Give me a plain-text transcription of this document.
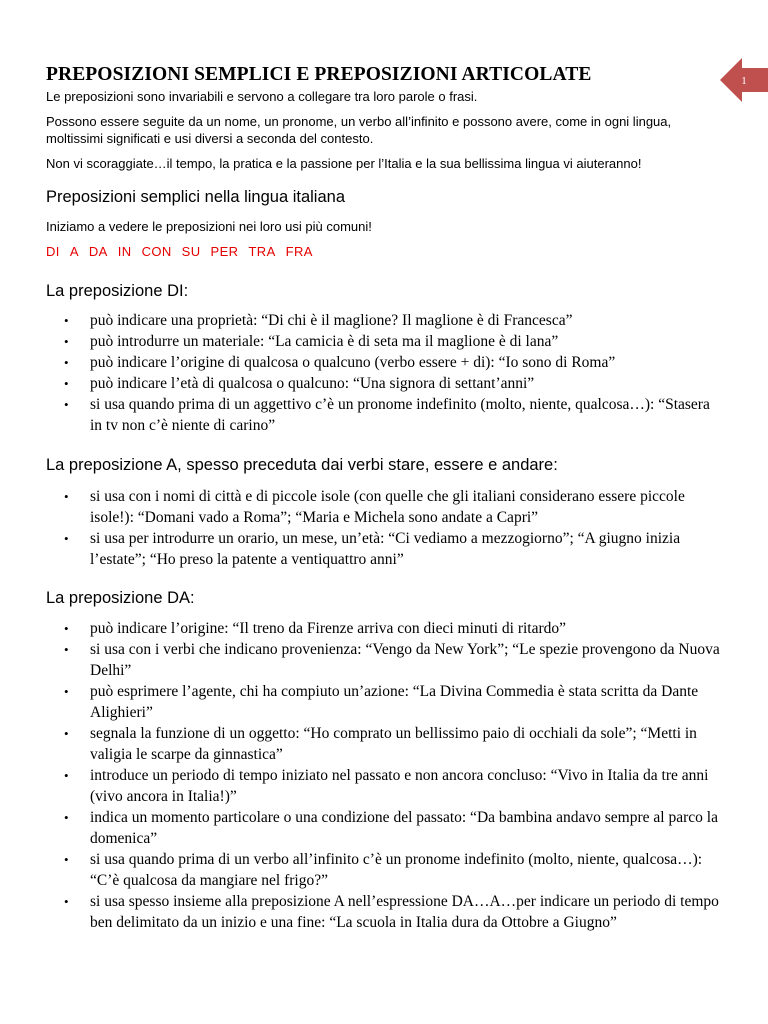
1
PREPOSIZIONI SEMPLICI E PREPOSIZIONI ARTICOLATE

Le preposizioni sono invariabili e servono a collegare tra loro parole o frasi.

Possono essere seguite da un nome, un pronome, un verbo all’infinito e possono avere, come in ogni lingua, moltissimi significati e usi diversi a seconda del contesto.

Non vi scoraggiate…il tempo, la pratica e la passione per l’Italia e la sua bellissima lingua vi aiuteranno!

Preposizioni semplici nella lingua italiana
Iniziamo a vedere le preposizioni nei loro usi più comuni!
DI A DA IN CON SU PER TRA FRA
La preposizione DI:
• può indicare una proprietà: “Di chi è il maglione? Il maglione è di Francesca”
• può introdurre un materiale: “La camicia è di seta ma il maglione è di lana”
• può indicare l’origine di qualcosa o qualcuno (verbo essere + di): “Io sono di Roma”
• può indicare l’età di qualcosa o qualcuno: “Una signora di settant’anni”
• si usa quando prima di un aggettivo c’è un pronome indefinito (molto, niente, qualcosa…): “Stasera in tv non c’è niente di carino”
La preposizione A, spesso preceduta dai verbi stare, essere e andare:
• si usa con i nomi di città e di piccole isole (con quelle che gli italiani considerano essere piccole isole!): “Domani vado a Roma”; “Maria e Michela sono andate a Capri”
• si usa per introdurre un orario, un mese, un’età: “Ci vediamo a mezzogiorno”; “A giugno inizia l’estate”; “Ho preso la patente a ventiquattro anni”
La preposizione DA:
• può indicare l’origine: “Il treno da Firenze arriva con dieci minuti di ritardo”
• si usa con i verbi che indicano provenienza: “Vengo da New York”; “Le spezie provengono da Nuova Delhi”
• può esprimere l’agente, chi ha compiuto un’azione: “La Divina Commedia è stata scritta da Dante Alighieri”
• segnala la funzione di un oggetto: “Ho comprato un bellissimo paio di occhiali da sole”; “Metti in valigia le scarpe da ginnastica”
• introduce un periodo di tempo iniziato nel passato e non ancora concluso: “Vivo in Italia da tre anni (vivo ancora in Italia!)”
• indica un momento particolare o una condizione del passato: “Da bambina andavo sempre al parco la domenica”
• si usa quando prima di un verbo all’infinito c’è un pronome indefinito (molto, niente, qualcosa…): “C’è qualcosa da mangiare nel frigo?”
• si usa spesso insieme alla preposizione A nell’espressione DA…A…per indicare un periodo di tempo ben delimitato da un inizio e una fine: “La scuola in Italia dura da Ottobre a Giugno”
